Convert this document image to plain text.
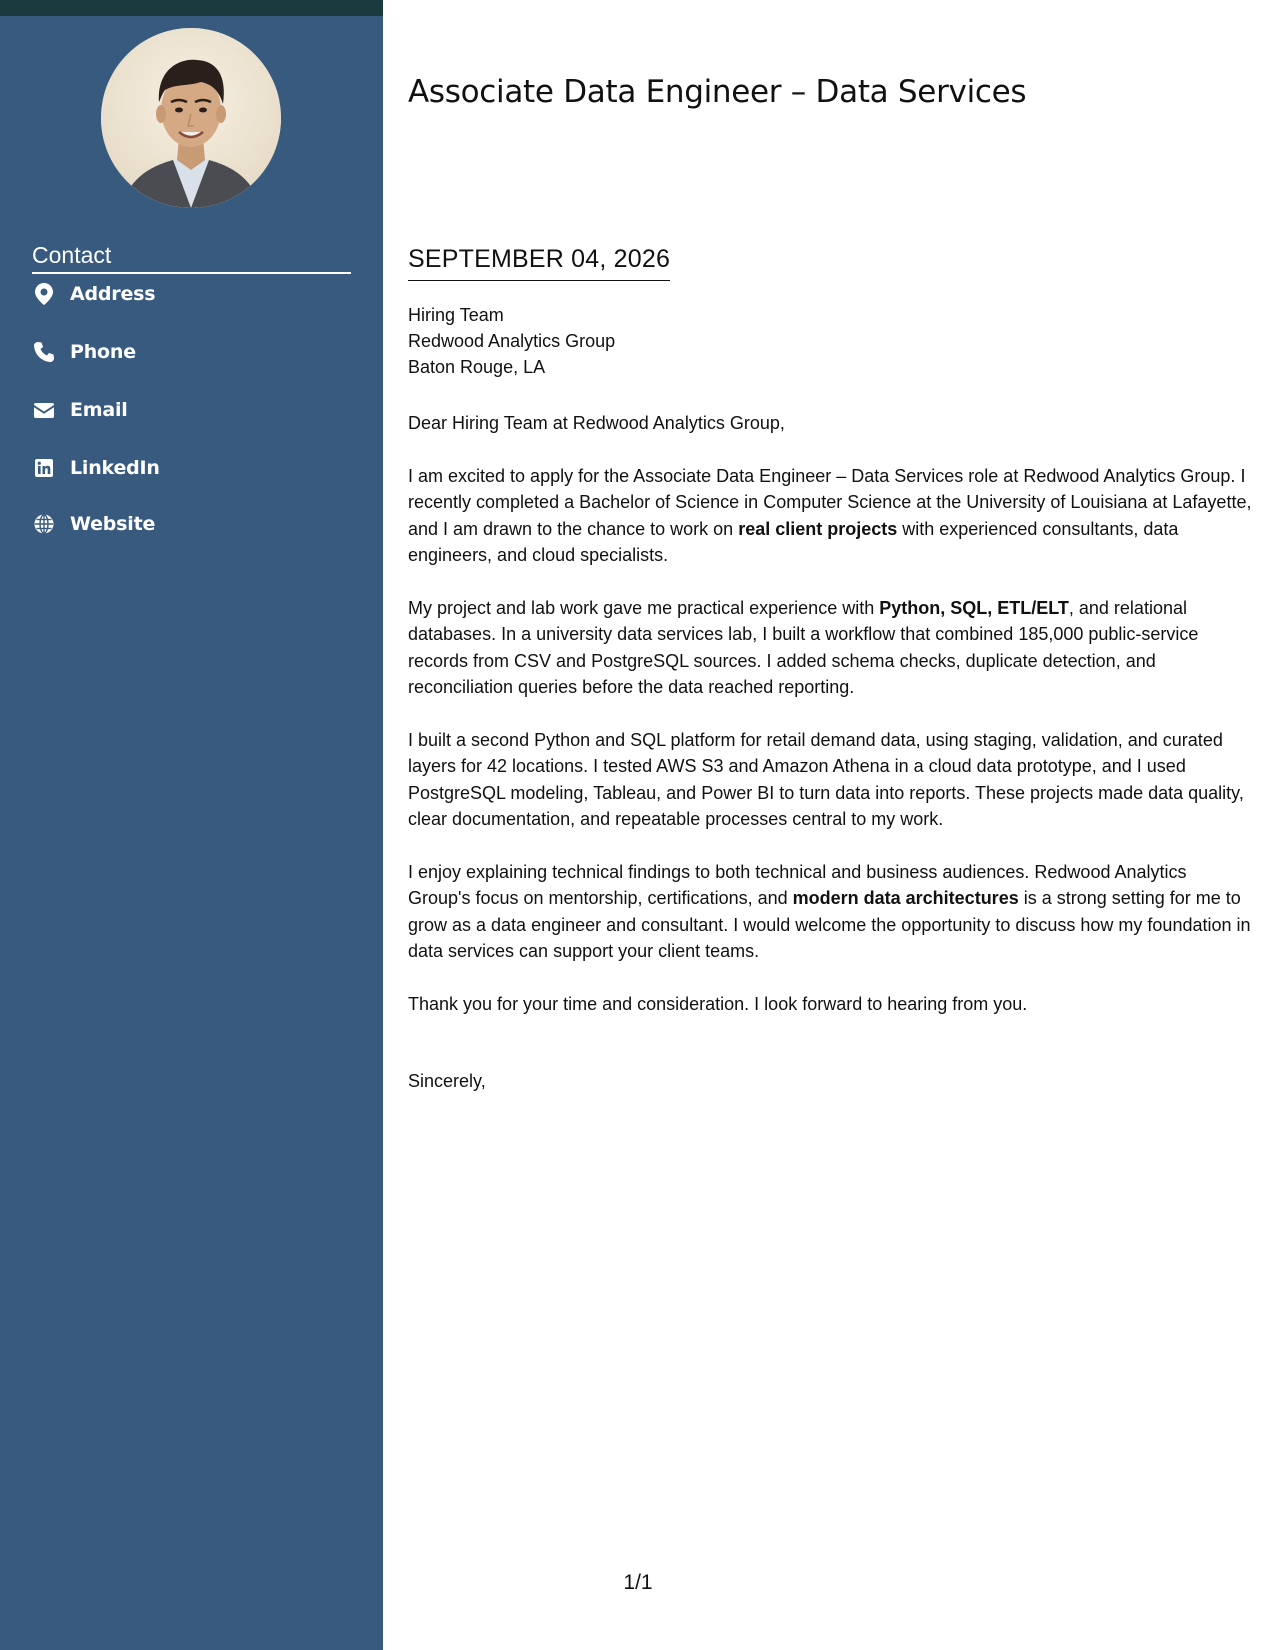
Contact
Address
Phone
Email
LinkedIn
Website
Associate Data Engineer – Data Services
SEPTEMBER 04, 2026
Hiring Team
Redwood Analytics Group
Baton Rouge, LA

Dear Hiring Team at Redwood Analytics Group,

I am excited to apply for the Associate Data Engineer – Data Services role at Redwood Analytics Group. I recently completed a Bachelor of Science in Computer Science at the University of Louisiana at Lafayette, and I am drawn to the chance to work on real client projects with experienced consultants, data engineers, and cloud specialists.

My project and lab work gave me practical experience with Python, SQL, ETL/ELT, and relational databases. In a university data services lab, I built a workflow that combined 185,000 public-service records from CSV and PostgreSQL sources. I added schema checks, duplicate detection, and reconciliation queries before the data reached reporting.

I built a second Python and SQL platform for retail demand data, using staging, validation, and curated layers for 42 locations. I tested AWS S3 and Amazon Athena in a cloud data prototype, and I used PostgreSQL modeling, Tableau, and Power BI to turn data into reports. These projects made data quality, clear documentation, and repeatable processes central to my work.

I enjoy explaining technical findings to both technical and business audiences. Redwood Analytics Group's focus on mentorship, certifications, and modern data architectures is a strong setting for me to grow as a data engineer and consultant. I would welcome the opportunity to discuss how my foundation in data services can support your client teams.

Thank you for your time and consideration. I look forward to hearing from you.

Sincerely,
1/1
